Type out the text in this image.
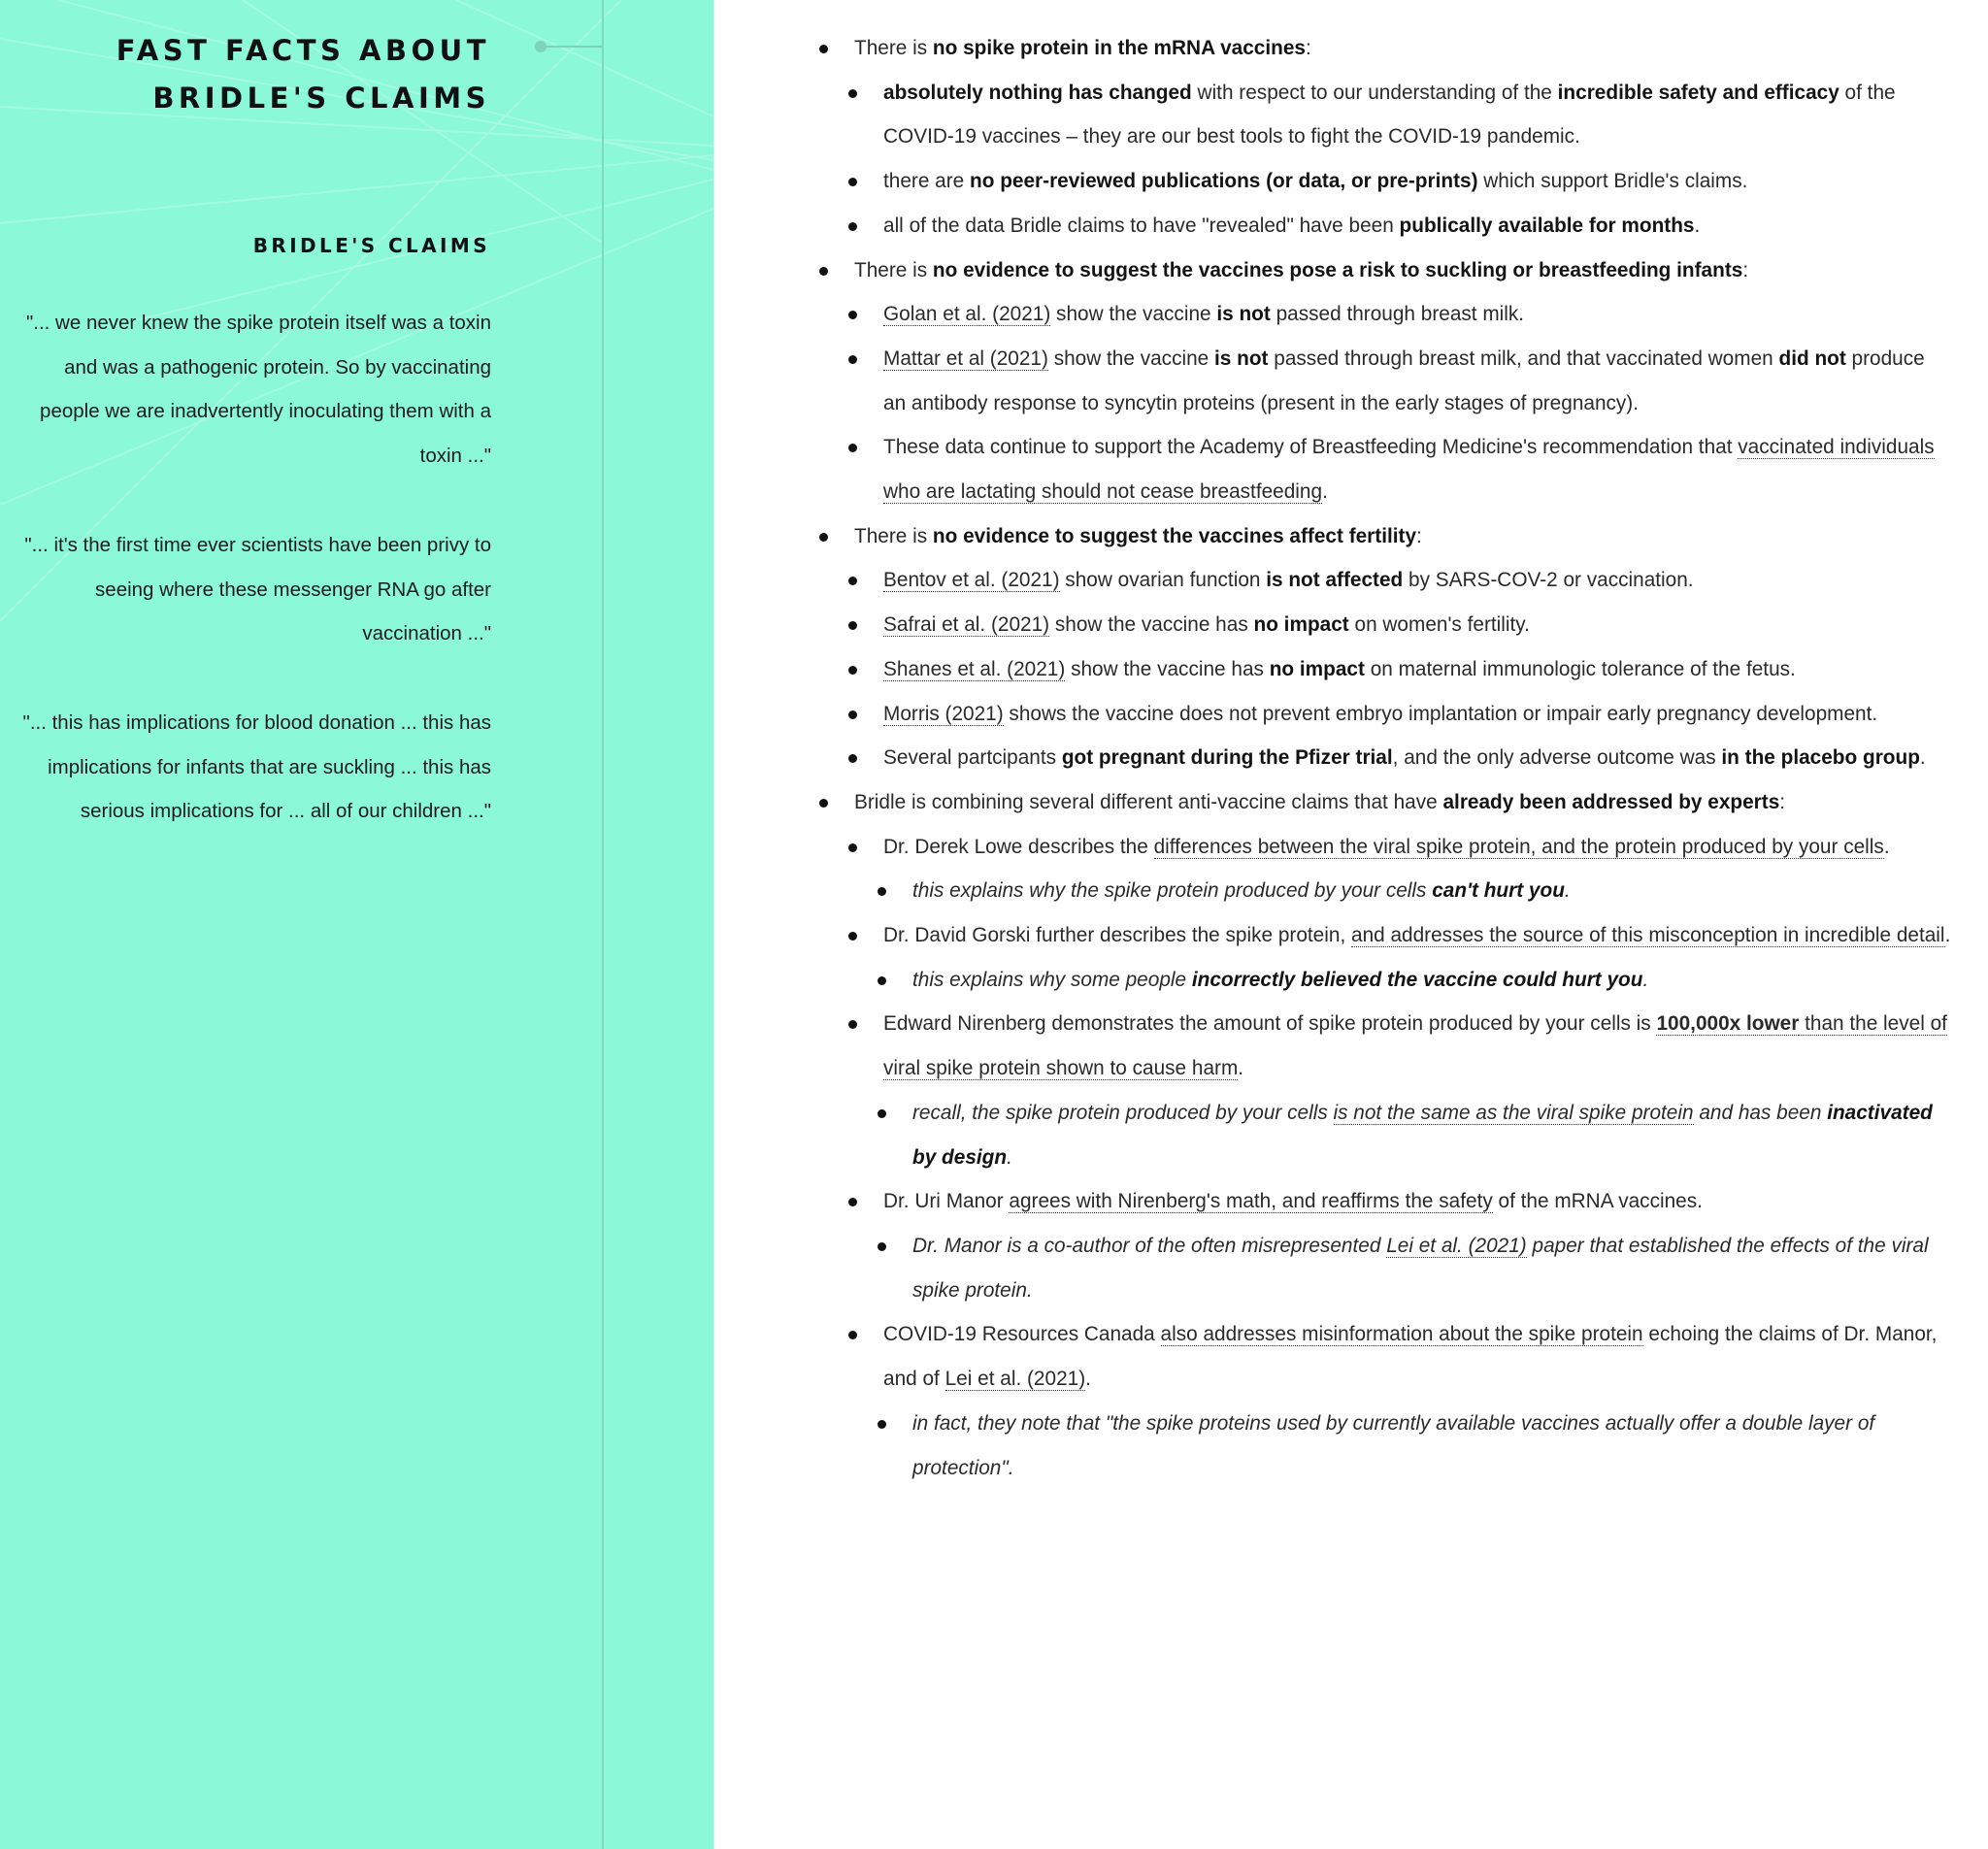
FAST FACTS ABOUT
BRIDLE'S CLAIMS
BRIDLE'S CLAIMS

"... we never knew the spike protein itself was a toxin and was a pathogenic protein. So by vaccinating people we are inadvertently inoculating them with a toxin ..."

"... it's the first time ever scientists have been privy to seeing where these messenger RNA go after vaccination ..."

"... this has implications for blood donation ... this has implications for infants that are suckling ... this has serious implications for ... all of our children ..."

There is no spike protein in the mRNA vaccines:
absolutely nothing has changed with respect to our understanding of the incredible safety and efficacy of the COVID-19 vaccines – they are our best tools to fight the COVID-19 pandemic.
there are no peer-reviewed publications (or data, or pre-prints) which support Bridle's claims.
all of the data Bridle claims to have "revealed" have been publically available for months.
There is no evidence to suggest the vaccines pose a risk to suckling or breastfeeding infants:
Golan et al. (2021) show the vaccine is not passed through breast milk.
Mattar et al (2021) show the vaccine is not passed through breast milk, and that vaccinated women did not produce an antibody response to syncytin proteins (present in the early stages of pregnancy).
These data continue to support the Academy of Breastfeeding Medicine's recommendation that vaccinated individuals who are lactating should not cease breastfeeding.
There is no evidence to suggest the vaccines affect fertility:
Bentov et al. (2021) show ovarian function is not affected by SARS-COV-2 or vaccination.
Safrai et al. (2021) show the vaccine has no impact on women's fertility.
Shanes et al. (2021) show the vaccine has no impact on maternal immunologic tolerance of the fetus.
Morris (2021) shows the vaccine does not prevent embryo implantation or impair early pregnancy development.
Several partcipants got pregnant during the Pfizer trial, and the only adverse outcome was in the placebo group.
Bridle is combining several different anti-vaccine claims that have already been addressed by experts:
Dr. Derek Lowe describes the differences between the viral spike protein, and the protein produced by your cells.
this explains why the spike protein produced by your cells can't hurt you.
Dr. David Gorski further describes the spike protein, and addresses the source of this misconception in incredible detail.
this explains why some people incorrectly believed the vaccine could hurt you.
Edward Nirenberg demonstrates the amount of spike protein produced by your cells is 100,000x lower than the level of viral spike protein shown to cause harm.
recall, the spike protein produced by your cells is not the same as the viral spike protein and has been inactivated by design.
Dr. Uri Manor agrees with Nirenberg's math, and reaffirms the safety of the mRNA vaccines.
Dr. Manor is a co-author of the often misrepresented Lei et al. (2021) paper that established the effects of the viral spike protein.
COVID-19 Resources Canada also addresses misinformation about the spike protein echoing the claims of Dr. Manor, and of Lei et al. (2021).
in fact, they note that "the spike proteins used by currently available vaccines actually offer a double layer of protection".
